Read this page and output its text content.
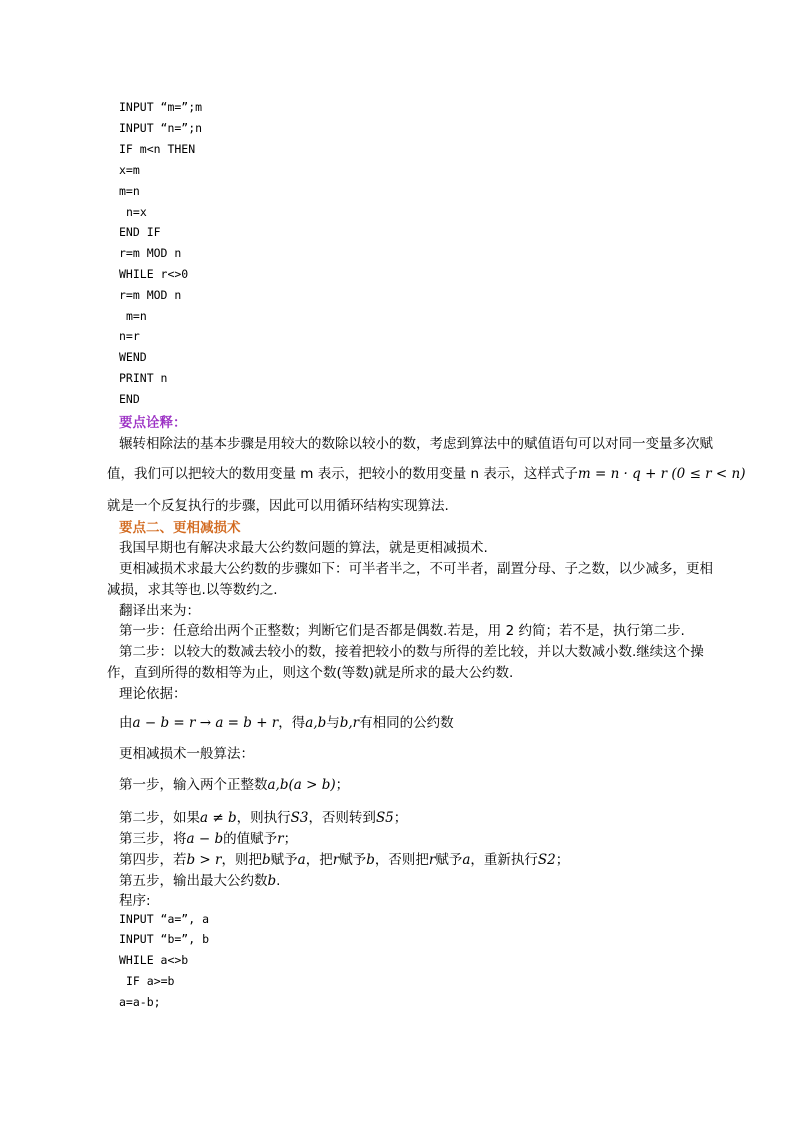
INPUT “m=”;m
INPUT “n=”;n
IF m<n THEN
x=m
m=n
n=x
END IF
r=m MOD n
WHILE r<>0
r=m MOD n
m=n
n=r
WEND
PRINT n
END
要点诠释：
辗转相除法的基本步骤是用较大的数除以较小的数，考虑到算法中的赋值语句可以对同一变量多次赋
值，我们可以把较大的数用变量 m 表示，把较小的数用变量 n 表示，这样式子m = n · q + r (0 ≤ r < n)
就是一个反复执行的步骤，因此可以用循环结构实现算法.
要点二、更相减损术
我国早期也有解决求最大公约数问题的算法，就是更相减损术.
更相减损术求最大公约数的步骤如下：可半者半之，不可半者，副置分母、子之数，以少减多，更相
减损，求其等也.以等数约之.
翻译出来为：
第一步：任意给出两个正整数；判断它们是否都是偶数.若是，用 2 约简；若不是，执行第二步.
第二步：以较大的数减去较小的数，接着把较小的数与所得的差比较，并以大数减小数.继续这个操
作，直到所得的数相等为止，则这个数(等数)就是所求的最大公约数.
理论依据：
由a − b = r → a = b + r，得a,b与b,r有相同的公约数
更相减损术一般算法：
第一步，输入两个正整数a,b(a > b)；
第二步，如果a ≠ b，则执行S3，否则转到S5；
第三步，将a − b的值赋予r；
第四步，若b > r，则把b赋予a，把r赋予b，否则把r赋予a，重新执行S2；
第五步，输出最大公约数b.
程序:
INPUT “a=”, a
INPUT “b=”, b
WHILE a<>b
IF a>=b
a=a-b;
